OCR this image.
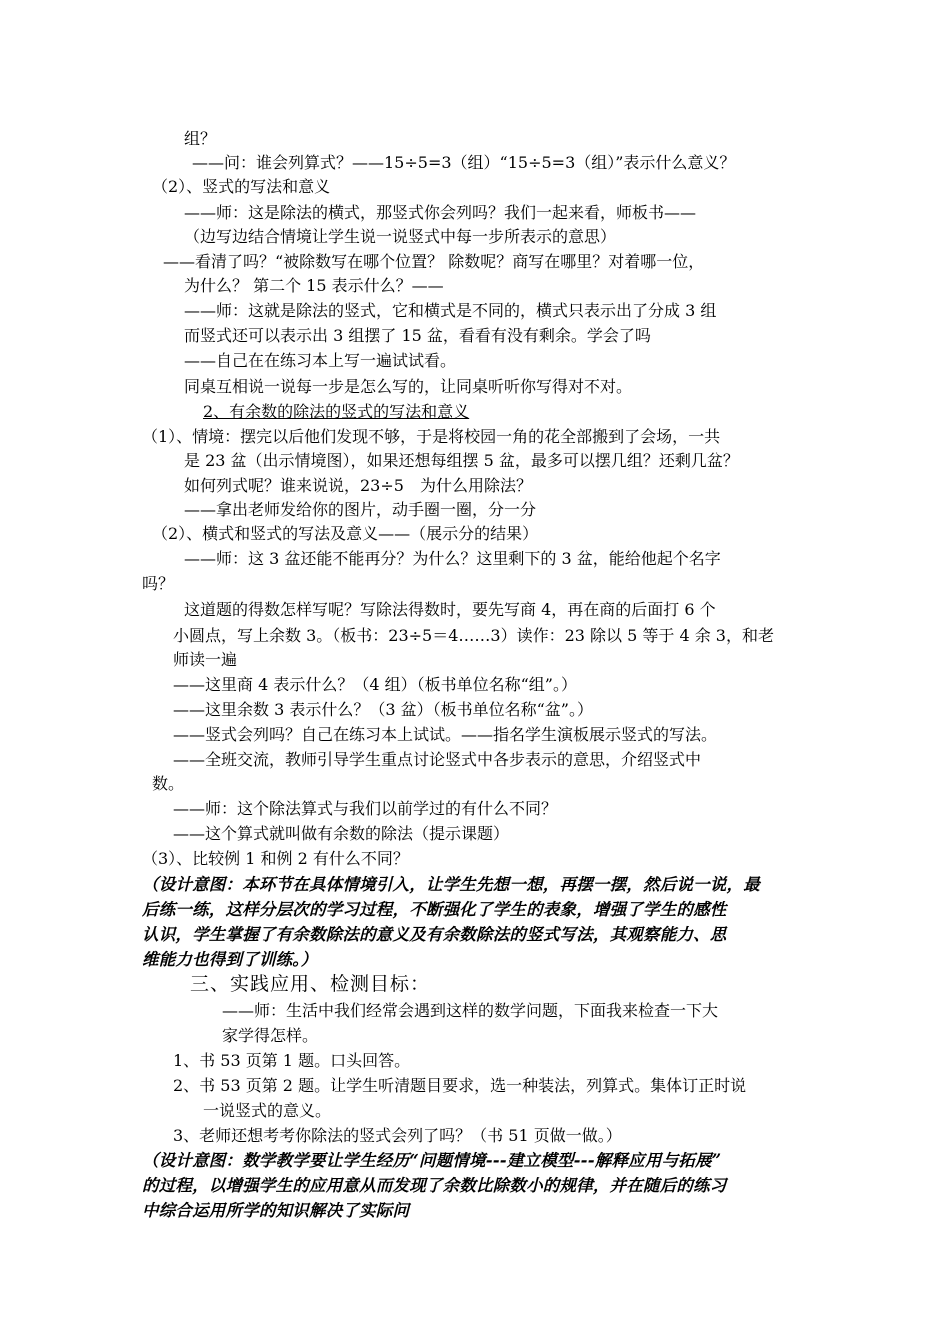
组？
——问：谁会列算式？——15÷5=3（组）“15÷5=3（组）”表示什么意义？
（2）、竖式的写法和意义
——师：这是除法的横式，那竖式你会列吗？我们一起来看，师板书——
（边写边结合情境让学生说一说竖式中每一步所表示的意思）
——看清了吗？“被除数写在哪个位置？ 除数呢？商写在哪里？对着哪一位，
为什么？ 第二个 15 表示什么？——
——师：这就是除法的竖式，它和横式是不同的，横式只表示出了分成 3 组
而竖式还可以表示出 3 组摆了 15 盆，看看有没有剩余。学会了吗
——自己在在练习本上写一遍试试看。
同桌互相说一说每一步是怎么写的，让同桌听听你写得对不对。
2、有余数的除法的竖式的写法和意义
（1）、情境：摆完以后他们发现不够，于是将校园一角的花全部搬到了会场，一共
是 23 盆（出示情境图），如果还想每组摆 5 盆，最多可以摆几组？还剩几盆？
如何列式呢？谁来说说，23÷5　为什么用除法？
——拿出老师发给你的图片，动手圈一圈，分一分
（2）、横式和竖式的写法及意义——（展示分的结果）
——师：这 3 盆还能不能再分？为什么？这里剩下的 3 盆，能给他起个名字
吗？
这道题的得数怎样写呢？写除法得数时，要先写商 4，再在商的后面打 6 个
小圆点，写上余数 3。（板书：23÷5＝4……3）读作：23 除以 5 等于 4 余 3，和老
师读一遍
——这里商 4 表示什么？（4 组）（板书单位名称“组”。）
——这里余数 3 表示什么？（3 盆）（板书单位名称“盆”。）
——竖式会列吗？自己在练习本上试试。——指名学生演板展示竖式的写法。
——全班交流，教师引导学生重点讨论竖式中各步表示的意思，介绍竖式中
数。
——师：这个除法算式与我们以前学过的有什么不同？
——这个算式就叫做有余数的除法（提示课题）
（3）、比较例 1 和例 2 有什么不同？
（设计意图：本环节在具体情境引入，让学生先想一想，再摆一摆，然后说一说，最
后练一练，这样分层次的学习过程，不断强化了学生的表象，增强了学生的感性
认识，学生掌握了有余数除法的意义及有余数除法的竖式写法，其观察能力、思
维能力也得到了训练。）
三、实践应用、检测目标：
——师：生活中我们经常会遇到这样的数学问题，下面我来检查一下大
家学得怎样。
1、书 53 页第 1 题。口头回答。
2、书 53 页第 2 题。让学生听清题目要求，选一种装法，列算式。集体订正时说
一说竖式的意义。
3、老师还想考考你除法的竖式会列了吗？（书 51 页做一做。）
（设计意图：数学教学要让学生经历“问题情境---建立模型---解释应用与拓展”
的过程，以增强学生的应用意从而发现了余数比除数小的规律，并在随后的练习
中综合运用所学的知识解决了实际问
